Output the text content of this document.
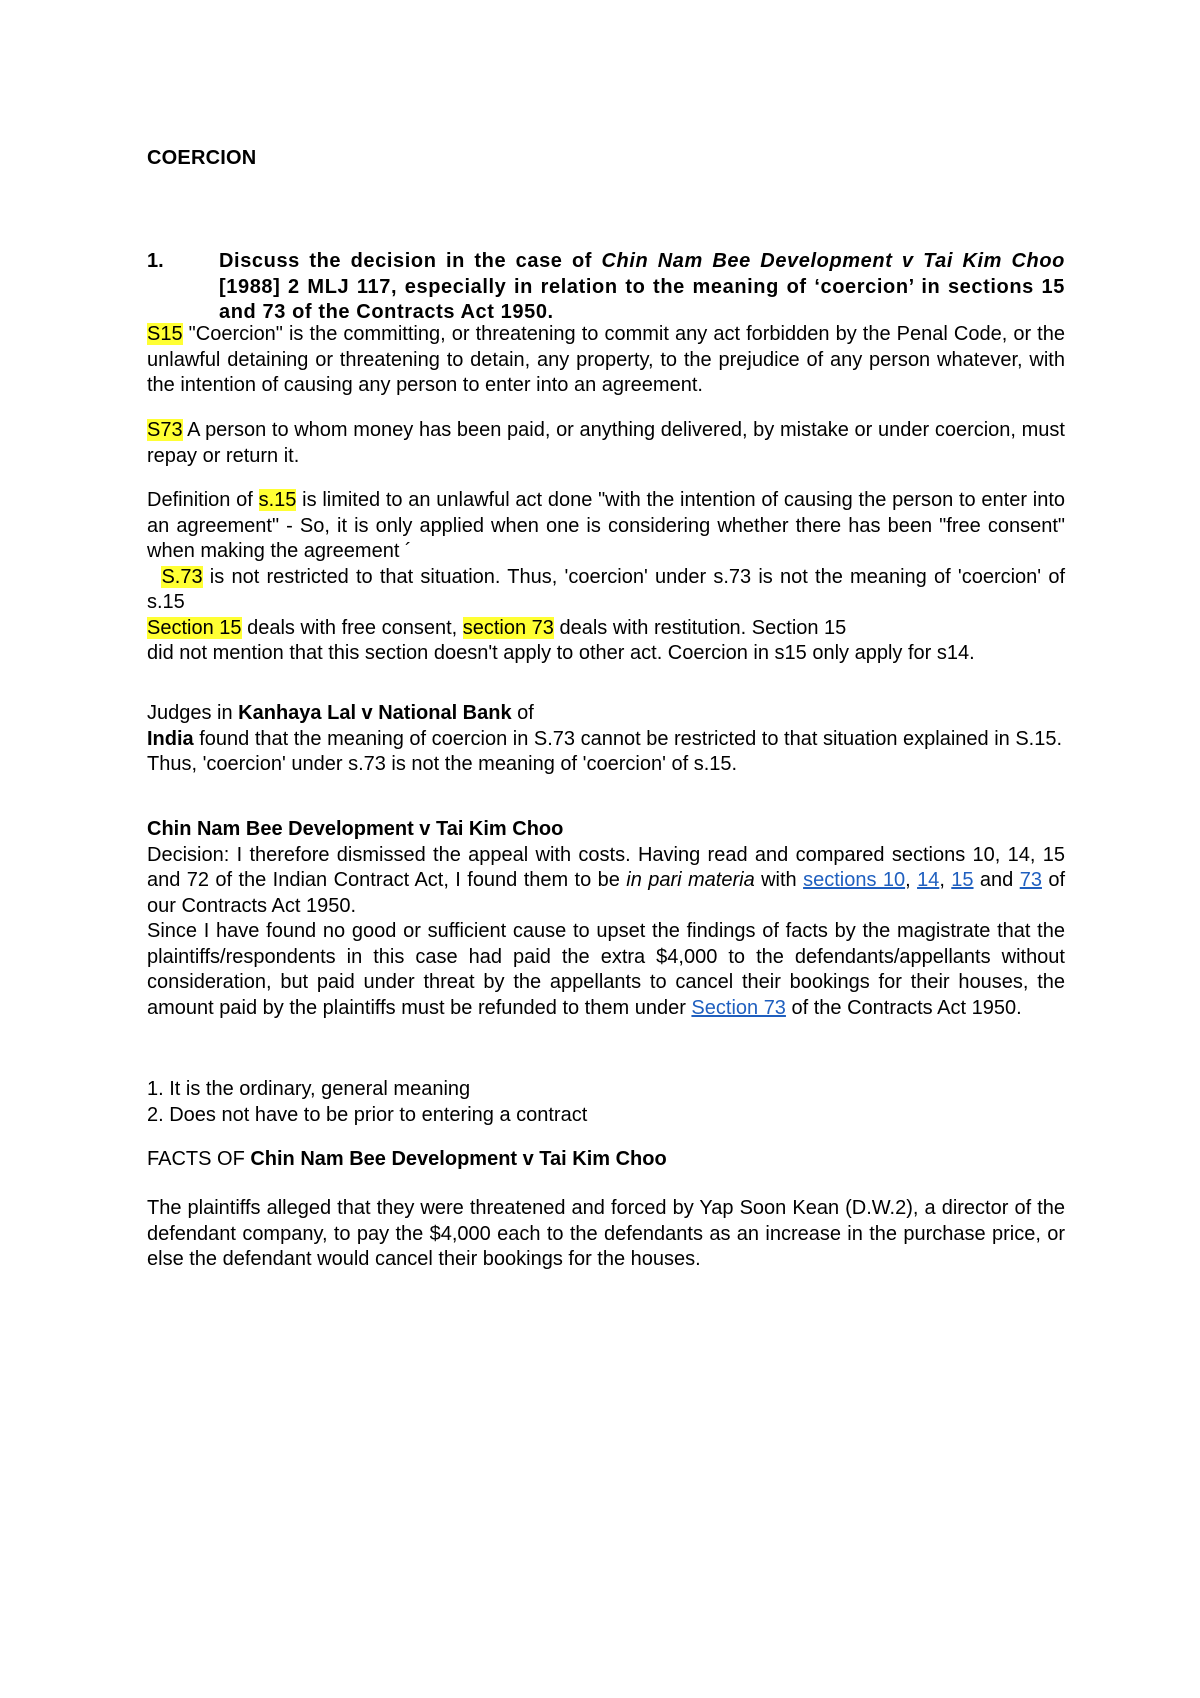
COERCION
1.	Discuss the decision in the case of Chin Nam Bee Development v Tai Kim Choo [1988] 2 MLJ 117, especially in relation to the meaning of ‘coercion’ in sections 15 and 73 of the Contracts Act 1950.

S15 "Coercion" is the committing, or threatening to commit any act forbidden by the Penal Code, or the unlawful detaining or threatening to detain, any property, to the prejudice of any person whatever, with the intention of causing any person to enter into an agreement.

S73 A person to whom money has been paid, or anything delivered, by mistake or under coercion, must repay or return it.

Definition of s.15 is limited to an unlawful act done "with the intention of causing the person to enter into an agreement" - So, it is only applied when one is considering whether there has been "free consent" when making the agreement ´

S.73 is not restricted to that situation. Thus, 'coercion' under s.73 is not the meaning of 'coercion' of s.15

Section 15 deals with free consent, section 73 deals with restitution. Section 15

did not mention that this section doesn't apply to other act. Coercion in s15 only apply for s14.

Judges in Kanhaya Lal v National Bank of

India found that the meaning of coercion in S.73 cannot be restricted to that situation explained in S.15.

Thus, 'coercion' under s.73 is not the meaning of 'coercion' of s.15.

Chin Nam Bee Development v Tai Kim Choo

Decision: I therefore dismissed the appeal with costs. Having read and compared sections 10, 14, 15 and 72 of the Indian Contract Act, I found them to be in pari materia with sections 10, 14, 15 and 73 of our Contracts Act 1950.

Since I have found no good or sufficient cause to upset the findings of facts by the magistrate that the plaintiffs/respondents in this case had paid the extra $4,000 to the defendants/appellants without consideration, but paid under threat by the appellants to cancel their bookings for their houses, the amount paid by the plaintiffs must be refunded to them under Section 73 of the Contracts Act 1950.

1. It is the ordinary, general meaning

2. Does not have to be prior to entering a contract

FACTS OF Chin Nam Bee Development v Tai Kim Choo

The plaintiffs alleged that they were threatened and forced by Yap Soon Kean (D.W.2), a director of the defendant company, to pay the $4,000 each to the defendants as an increase in the purchase price, or else the defendant would cancel their bookings for the houses.
